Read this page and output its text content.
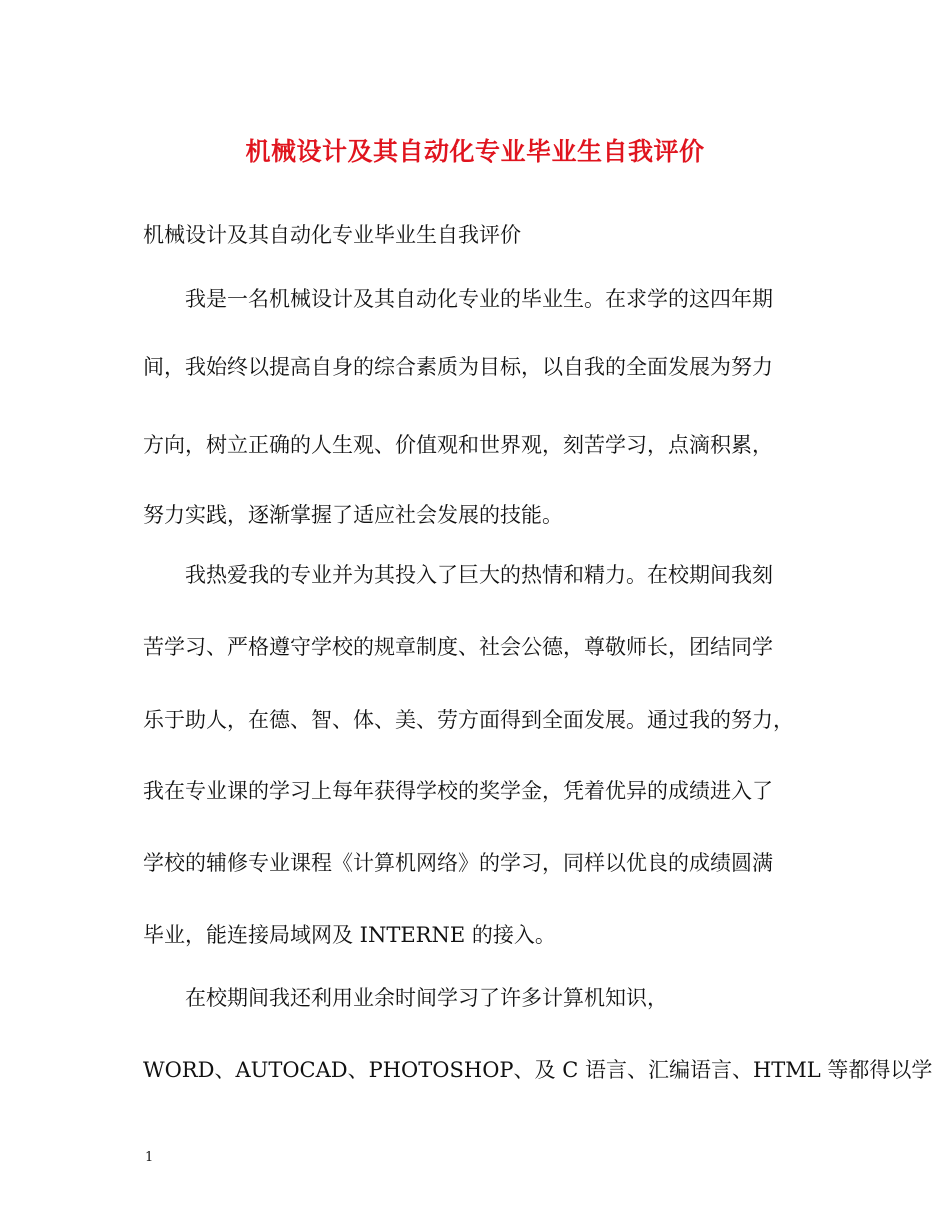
机械设计及其自动化专业毕业生自我评价
机械设计及其自动化专业毕业生自我评价
我是一名机械设计及其自动化专业的毕业生。在求学的这四年期
间，我始终以提高自身的综合素质为目标，以自我的全面发展为努力
方向，树立正确的人生观、价值观和世界观，刻苦学习，点滴积累，
努力实践，逐渐掌握了适应社会发展的技能。
我热爱我的专业并为其投入了巨大的热情和精力。在校期间我刻
苦学习、严格遵守学校的规章制度、社会公德，尊敬师长，团结同学
乐于助人，在德、智、体、美、劳方面得到全面发展。通过我的努力，
我在专业课的学习上每年获得学校的奖学金，凭着优异的成绩进入了
学校的辅修专业课程《计算机网络》的学习，同样以优良的成绩圆满
毕业，能连接局域网及 INTERNE 的接入。
在校期间我还利用业余时间学习了许多计算机知识，
WORD、AUTOCAD、PHOTOSHOP、及 C 语言、汇编语言、HTML 等都得以学
1
